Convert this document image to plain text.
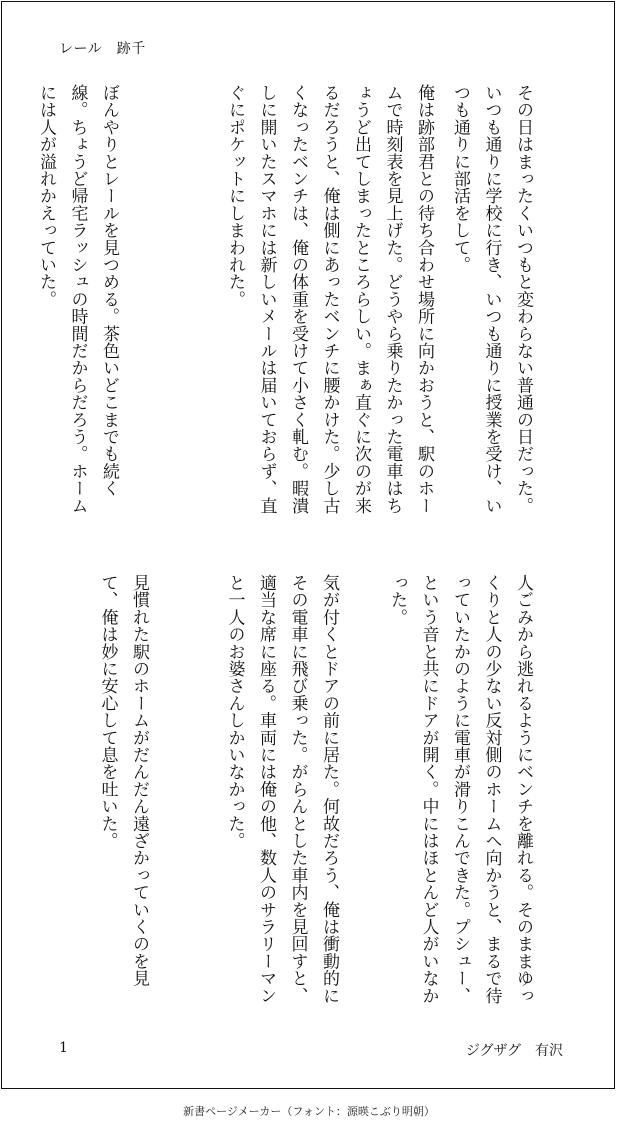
レール　跡千
その日はまったくいつもと変わらない普通の日だった。いつも通りに学校に行き、いつも通りに授業を受け、いつも通りに部活をして。
俺は跡部君との待ち合わせ場所に向かおうと、駅のホームで時刻表を見上げた。どうやら乗りたかった電車はちょうど出てしまったところらしい。まぁ直ぐに次のが来るだろうと、俺は側にあったベンチに腰かけた。少し古くなったベンチは、俺の体重を受けて小さく軋む。暇潰しに開いたスマホには新しいメールは届いておらず、直ぐにポケットにしまわれた。
ぼんやりとレールを見つめる。茶色いどこまでも続く線。ちょうど帰宅ラッシュの時間だからだろう。ホームには人が溢れかえっていた。
人ごみから逃れるようにベンチを離れる。そのままゆっくりと人の少ない反対側のホームへ向かうと、まるで待っていたかのように電車が滑りこんできた。プシュー、という音と共にドアが開く。中にはほとんど人がいなかった。
気が付くとドアの前に居た。何故だろう、俺は衝動的にその電車に飛び乗った。がらんとした車内を見回すと、適当な席に座る。車両には俺の他、数人のサラリーマンと一人のお婆さんしかいなかった。
見慣れた駅のホームがだんだん遠ざかっていくのを見て、俺は妙に安心して息を吐いた。
1	ジグザグ　有沢
新書ページメーカー（フォント：源暎こぶり明朝）
